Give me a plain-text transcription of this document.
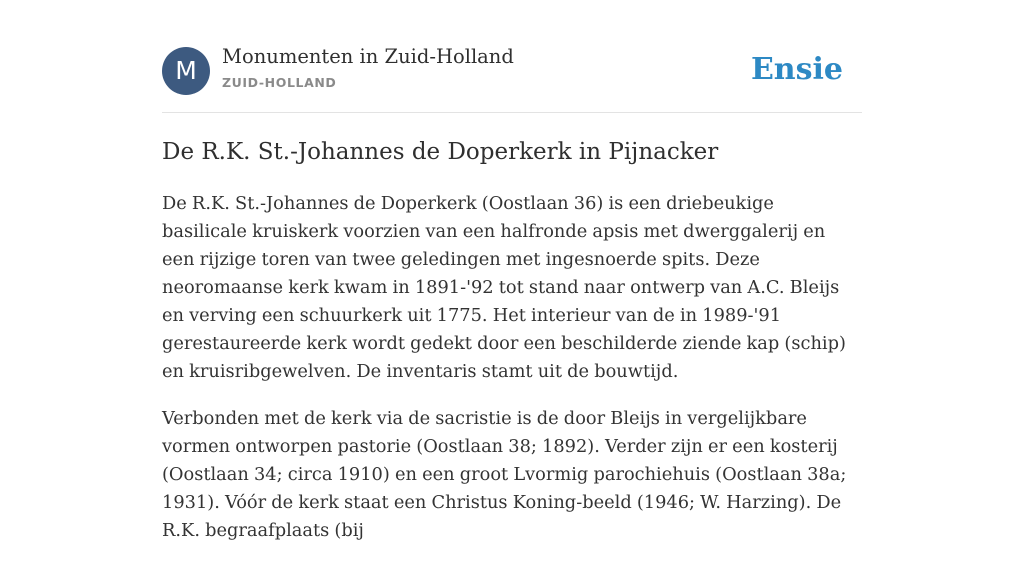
M	Monumenten in Zuid-Holland
ZUID-HOLLAND	Ensie
De R.K. St.-Johannes de Doperkerk in Pijnacker

De R.K. St.-Johannes de Doperkerk (Oostlaan 36) is een driebeukige basilicale kruiskerk voorzien van een halfronde apsis met dwerggalerij en een rijzige toren van twee geledingen met ingesnoerde spits. Deze neoromaanse kerk kwam in 1891-'92 tot stand naar ontwerp van A.C. Bleijs en verving een schuurkerk uit 1775. Het interieur van de in 1989-'91 gerestaureerde kerk wordt gedekt door een beschilderde ziende kap (schip) en kruisribgewelven. De inventaris stamt uit de bouwtijd.

Verbonden met de kerk via de sacristie is de door Bleijs in vergelijkbare vormen ontworpen pastorie (Oostlaan 38; 1892). Verder zijn er een kosterij (Oostlaan 34; circa 1910) en een groot Lvormig parochiehuis (Oostlaan 38a; 1931). Vóór de kerk staat een Christus Koning-beeld (1946; W. Harzing). De R.K. begraafplaats (bij
